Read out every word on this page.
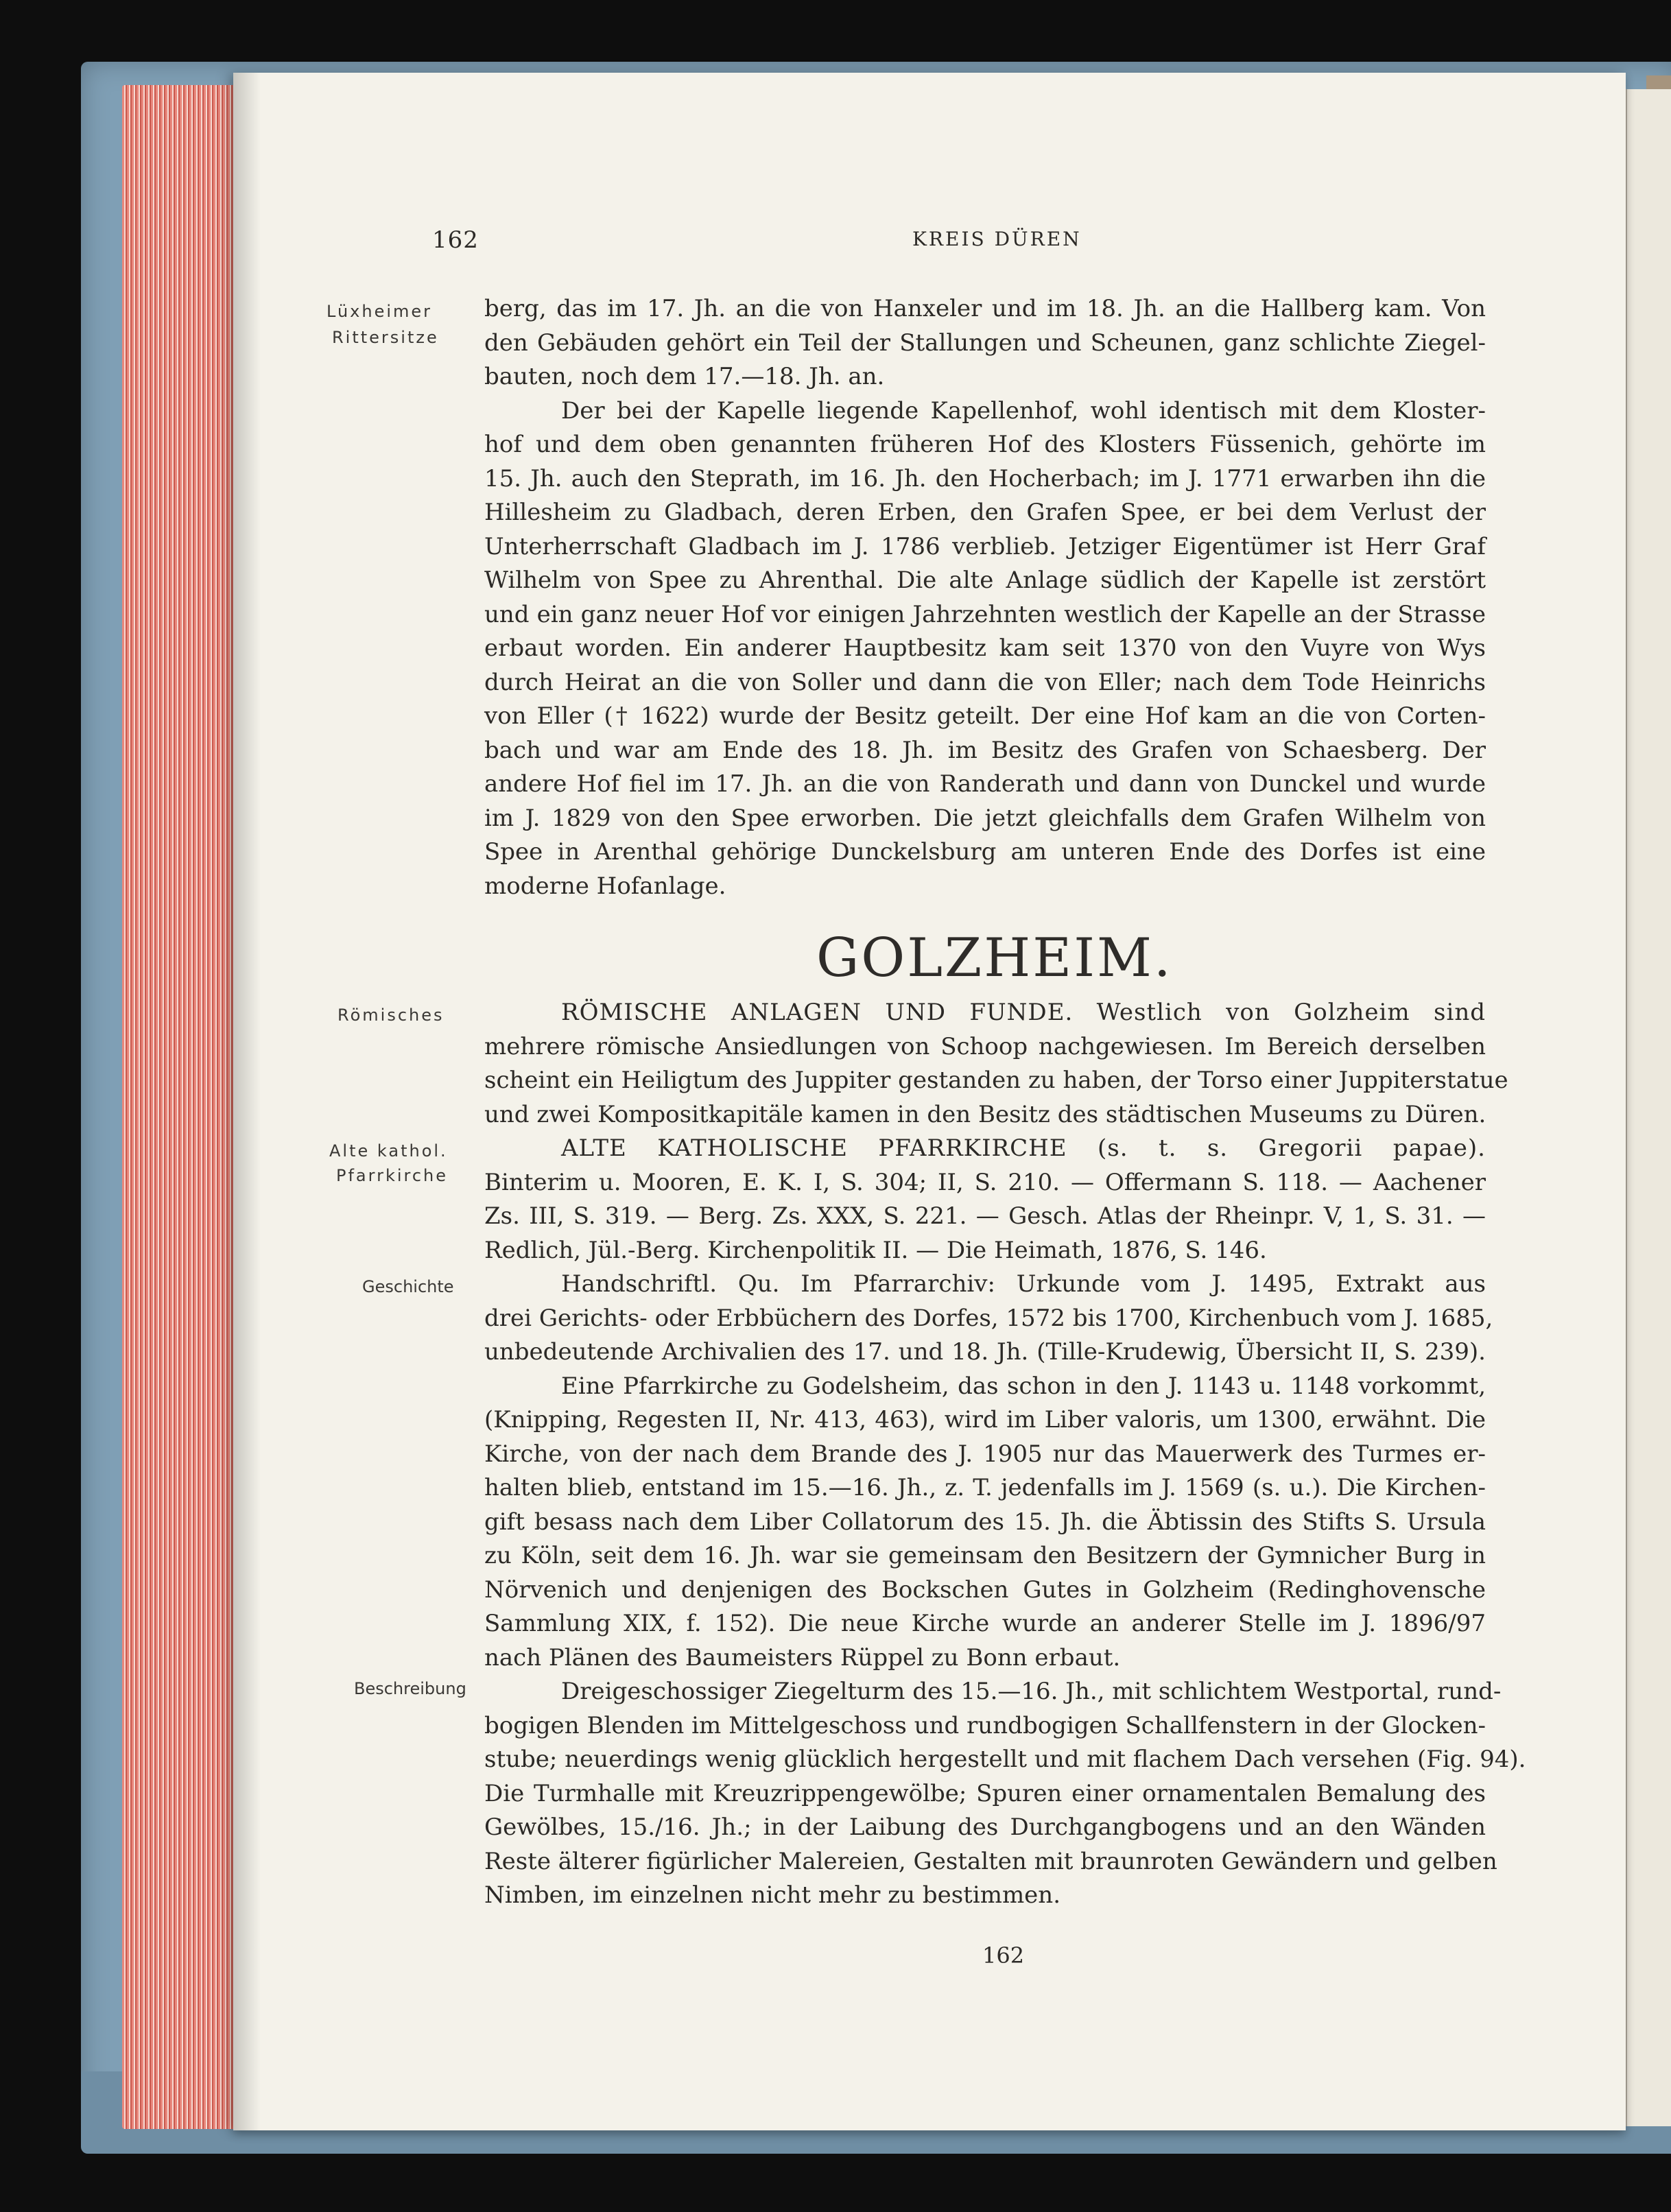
162	KREIS DÜREN
Lüxheimer
Rittersitze
Römisches
Alte kathol.
Pfarrkirche
Geschichte
Beschreibung
berg, das im 17. Jh. an die von Hanxeler und im 18. Jh. an die Hallberg kam. Von
den Gebäuden gehört ein Teil der Stallungen und Scheunen, ganz schlichte Ziegel-
bauten, noch dem 17.—18. Jh. an.
Der bei der Kapelle liegende Kapellenhof, wohl identisch mit dem Kloster-
hof und dem oben genannten früheren Hof des Klosters Füssenich, gehörte im
15. Jh. auch den Steprath, im 16. Jh. den Hocherbach; im J. 1771 erwarben ihn die
Hillesheim zu Gladbach, deren Erben, den Grafen Spee, er bei dem Verlust der
Unterherrschaft Gladbach im J. 1786 verblieb. Jetziger Eigentümer ist Herr Graf
Wilhelm von Spee zu Ahrenthal. Die alte Anlage südlich der Kapelle ist zerstört
und ein ganz neuer Hof vor einigen Jahrzehnten westlich der Kapelle an der Strasse
erbaut worden. Ein anderer Hauptbesitz kam seit 1370 von den Vuyre von Wys
durch Heirat an die von Soller und dann die von Eller; nach dem Tode Heinrichs
von Eller († 1622) wurde der Besitz geteilt. Der eine Hof kam an die von Corten-
bach und war am Ende des 18. Jh. im Besitz des Grafen von Schaesberg. Der
andere Hof fiel im 17. Jh. an die von Randerath und dann von Dunckel und wurde
im J. 1829 von den Spee erworben. Die jetzt gleichfalls dem Grafen Wilhelm von
Spee in Arenthal gehörige Dunckelsburg am unteren Ende des Dorfes ist eine
moderne Hofanlage.
GOLZHEIM.
RÖMISCHE ANLAGEN UND FUNDE. Westlich von Golzheim sind
mehrere römische Ansiedlungen von Schoop nachgewiesen. Im Bereich derselben
scheint ein Heiligtum des Juppiter gestanden zu haben, der Torso einer Juppiterstatue
und zwei Kompositkapitäle kamen in den Besitz des städtischen Museums zu Düren.
ALTE KATHOLISCHE PFARRKIRCHE (s. t. s. Gregorii papae).
Binterim u. Mooren, E. K. I, S. 304; II, S. 210. — Offermann S. 118. — Aachener
Zs. III, S. 319. — Berg. Zs. XXX, S. 221. — Gesch. Atlas der Rheinpr. V, 1, S. 31. —
Redlich, Jül.-Berg. Kirchenpolitik II. — Die Heimath, 1876, S. 146.
Handschriftl. Qu. Im Pfarrarchiv: Urkunde vom J. 1495, Extrakt aus
drei Gerichts- oder Erbbüchern des Dorfes, 1572 bis 1700, Kirchenbuch vom J. 1685,
unbedeutende Archivalien des 17. und 18. Jh. (Tille-Krudewig, Übersicht II, S. 239).
Eine Pfarrkirche zu Godelsheim, das schon in den J. 1143 u. 1148 vorkommt,
(Knipping, Regesten II, Nr. 413, 463), wird im Liber valoris, um 1300, erwähnt. Die
Kirche, von der nach dem Brande des J. 1905 nur das Mauerwerk des Turmes er-
halten blieb, entstand im 15.—16. Jh., z. T. jedenfalls im J. 1569 (s. u.). Die Kirchen-
gift besass nach dem Liber Collatorum des 15. Jh. die Äbtissin des Stifts S. Ursula
zu Köln, seit dem 16. Jh. war sie gemeinsam den Besitzern der Gymnicher Burg in
Nörvenich und denjenigen des Bockschen Gutes in Golzheim (Redinghovensche
Sammlung XIX, f. 152). Die neue Kirche wurde an anderer Stelle im J. 1896/97
nach Plänen des Baumeisters Rüppel zu Bonn erbaut.
Dreigeschossiger Ziegelturm des 15.—16. Jh., mit schlichtem Westportal, rund-
bogigen Blenden im Mittelgeschoss und rundbogigen Schallfenstern in der Glocken-
stube; neuerdings wenig glücklich hergestellt und mit flachem Dach versehen (Fig. 94).
Die Turmhalle mit Kreuzrippengewölbe; Spuren einer ornamentalen Bemalung des
Gewölbes, 15./16. Jh.; in der Laibung des Durchgangbogens und an den Wänden
Reste älterer figürlicher Malereien, Gestalten mit braunroten Gewändern und gelben
Nimben, im einzelnen nicht mehr zu bestimmen.
162
